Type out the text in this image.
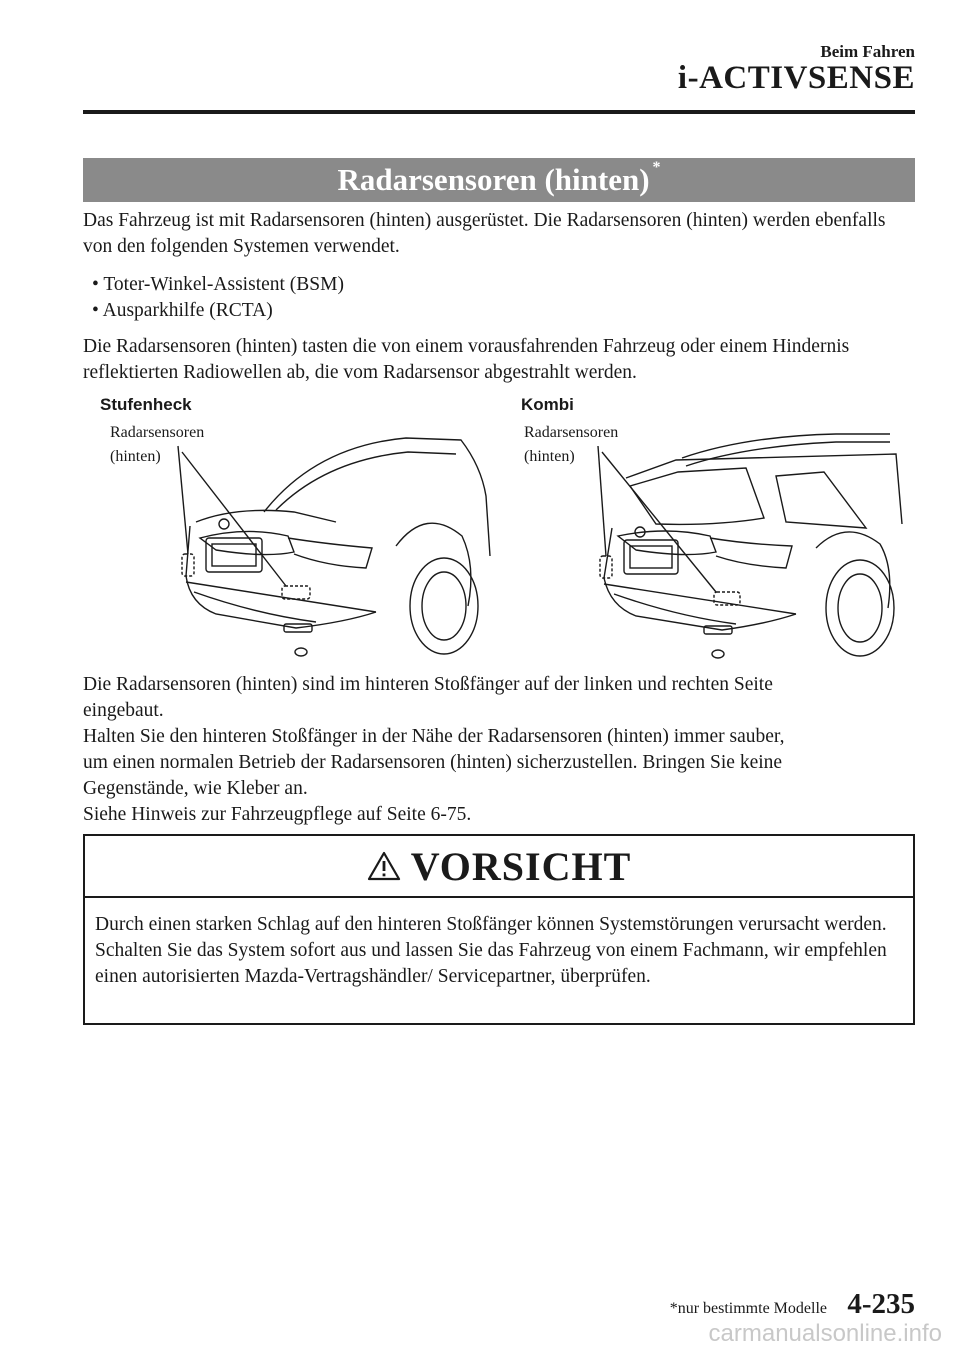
Beim Fahren
i-ACTIVSENSE
Radarsensoren (hinten)*
Das Fahrzeug ist mit Radarsensoren (hinten) ausgerüstet. Die Radarsensoren (hinten) werden ebenfalls von den folgenden Systemen verwendet.
• Toter-Winkel-Assistent (BSM)
• Ausparkhilfe (RCTA)
Die Radarsensoren (hinten) tasten die von einem vorausfahrenden Fahrzeug oder einem Hindernis reflektierten Radiowellen ab, die vom Radarsensor abgestrahlt werden.
Stufenheck
Radarsensoren
(hinten)
Kombi
Radarsensoren
(hinten)
Die Radarsensoren (hinten) sind im hinteren Stoßfänger auf der linken und rechten Seite
eingebaut.
Halten Sie den hinteren Stoßfänger in der Nähe der Radarsensoren (hinten) immer sauber,
um einen normalen Betrieb der Radarsensoren (hinten) sicherzustellen. Bringen Sie keine
Gegenstände, wie Kleber an.
Siehe Hinweis zur Fahrzeugpflege auf Seite 6-75.
VORSICHT
Durch einen starken Schlag auf den hinteren Stoßfänger können Systemstörungen verursacht werden. Schalten Sie das System sofort aus und lassen Sie das Fahrzeug von einem Fachmann, wir empfehlen einen autorisierten Mazda-Vertragshändler/ Servicepartner, überprüfen.
*nur bestimmte Modelle 4-235
carmanualsonline.info
